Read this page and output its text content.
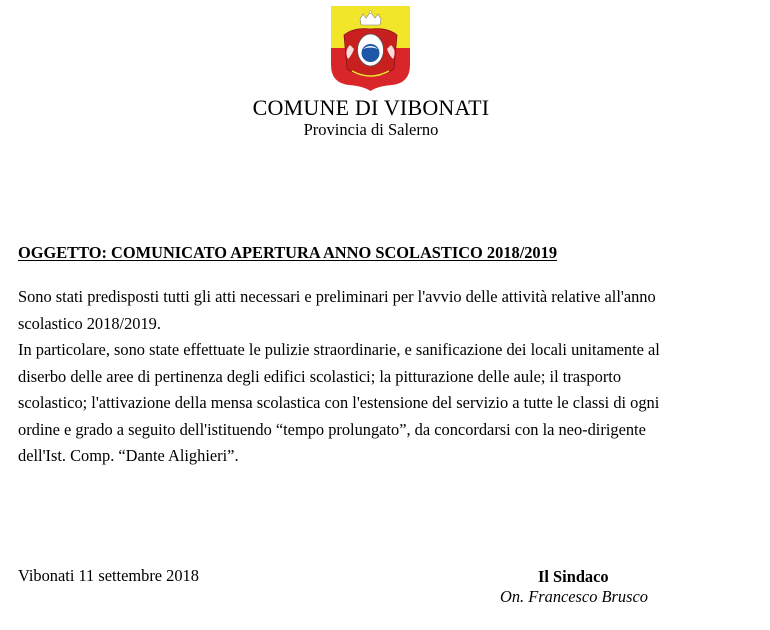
COMUNE DI VIBONATI
Provincia di Salerno
OGGETTO: COMUNICATO APERTURA ANNO SCOLASTICO 2018/2019
Sono stati predisposti tutti gli atti necessari e preliminari per l'avvio delle attività relative all'anno
scolastico 2018/2019.
In particolare, sono state effettuate le pulizie straordinarie, e sanificazione dei locali unitamente al
diserbo delle aree di pertinenza degli edifici scolastici; la pitturazione delle aule; il trasporto
scolastico; l'attivazione della mensa scolastica con l'estensione del servizio a tutte le classi di ogni
ordine e grado a seguito dell'istituendo “tempo prolungato”, da concordarsi con la neo-dirigente
dell'Ist. Comp. “Dante Alighieri”.
Vibonati 11 settembre 2018	Il Sindaco
On. Francesco Brusco
